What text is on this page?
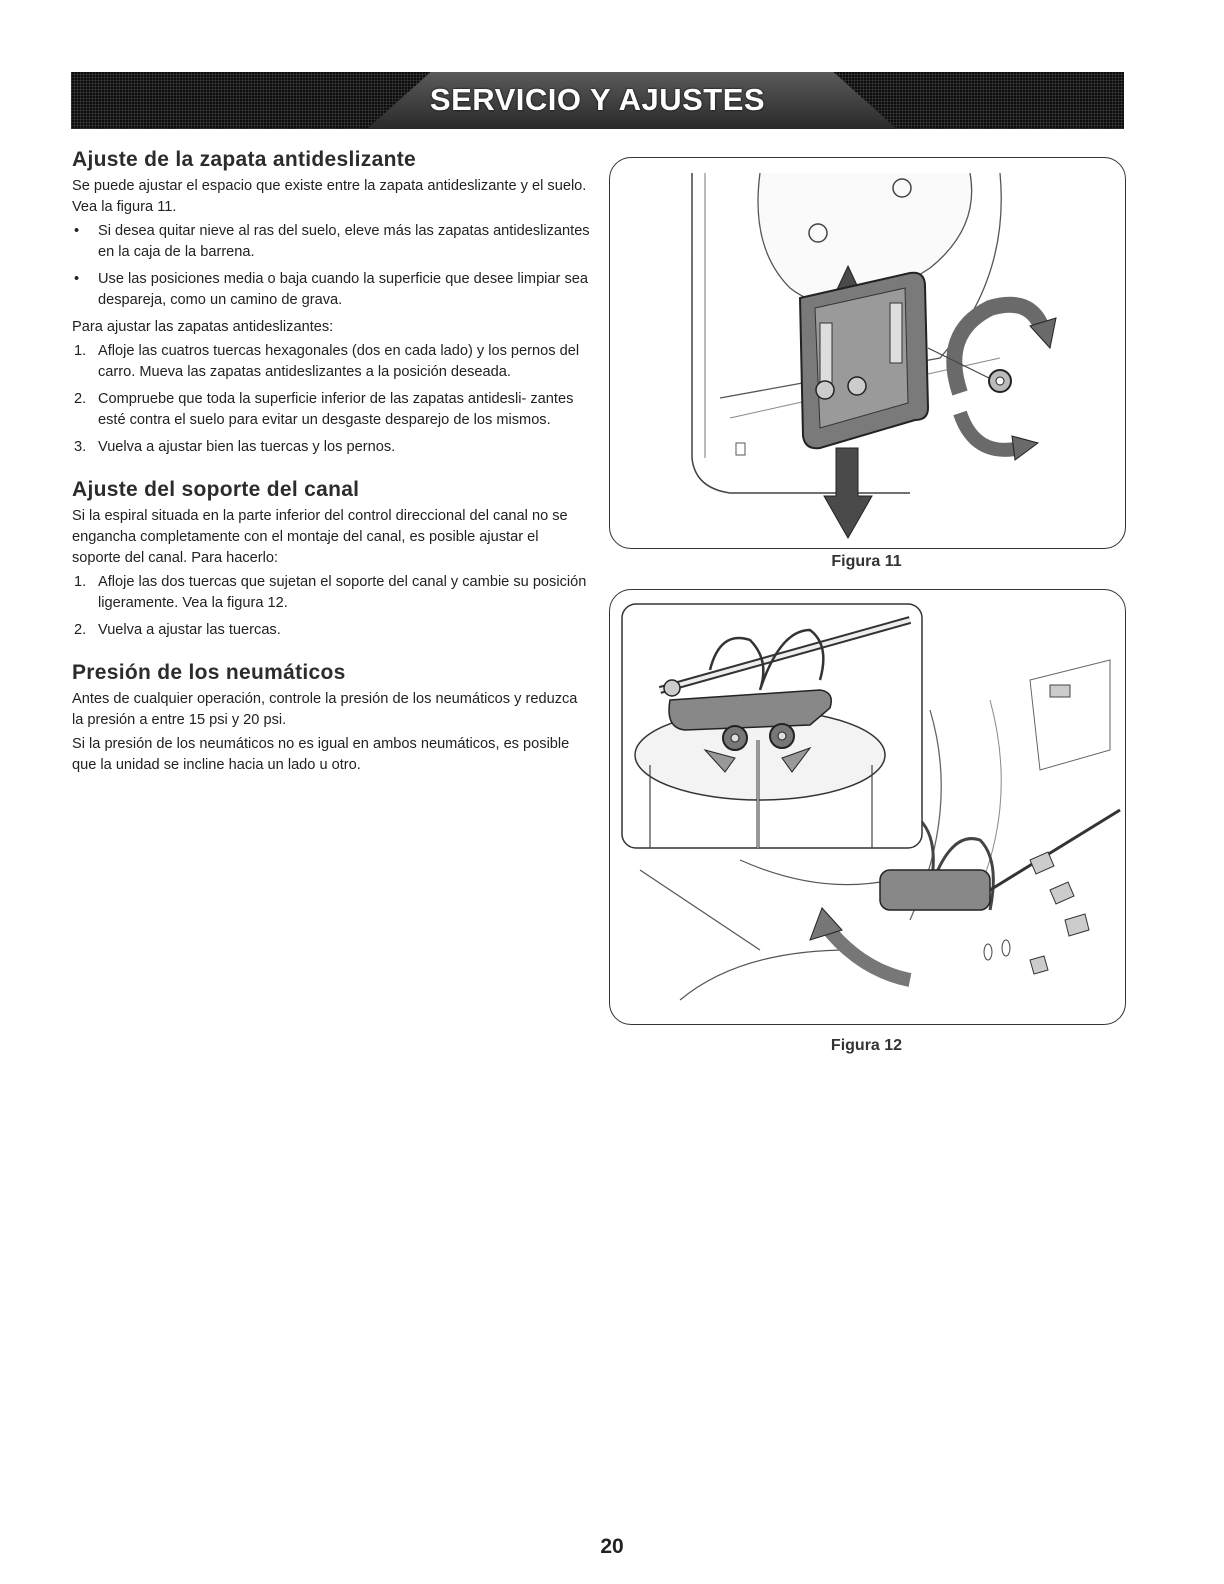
SERVICIO Y AJUSTES
Ajuste de la zapata antideslizante

Se puede ajustar el espacio que existe entre la zapata antideslizante y el suelo. Vea la figura 11.

• Si desea quitar nieve al ras del suelo, eleve más las zapatas antideslizantes en la caja de la barrena.
• Use las posiciones media o baja cuando la superficie que desee limpiar sea despareja, como un camino de grava.

Para ajustar las zapatas antideslizantes:

1. Afloje las cuatros tuercas hexagonales (dos en cada lado) y los pernos del carro. Mueva las zapatas antideslizantes a la posición deseada.
2. Compruebe que toda la superficie inferior de las zapatas antidesli- zantes esté contra el suelo para evitar un desgaste desparejo de los mismos.
3. Vuelva a ajustar bien las tuercas y los pernos.
Ajuste del soporte del canal

Si la espiral situada en la parte inferior del control direccional del canal no se engancha completamente con el montaje del canal, es posible ajustar el soporte del canal. Para hacerlo:

1. Afloje las dos tuercas que sujetan el soporte del canal y cambie su posición ligeramente. Vea la figura 12.
2. Vuelva a ajustar las tuercas.
Presión de los neumáticos

Antes de cualquier operación, controle la presión de los neumáticos y reduzca la presión a entre 15 psi y 20 psi.

Si la presión de los neumáticos no es igual en ambos neumáticos, es posible que la unidad se incline hacia un lado u otro.

Figura 11
Figura 12
20
